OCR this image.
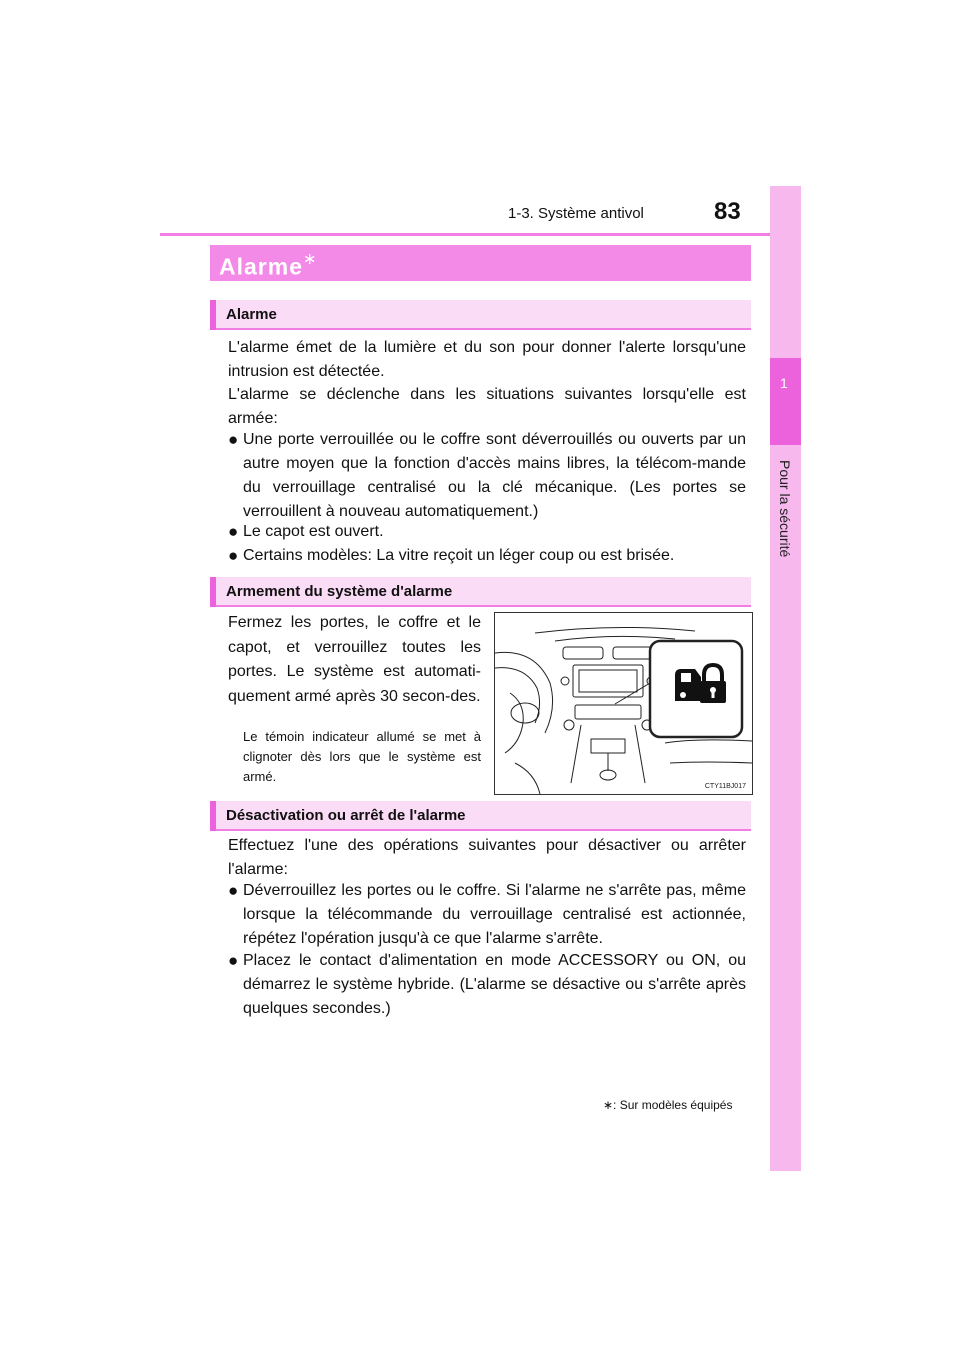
1-3. Système antivol	83
1
Pour la sécurité
Alarme∗
Alarme
L'alarme émet de la lumière et du son pour donner l'alerte lorsqu'une intrusion est détectée.
L'alarme se déclenche dans les situations suivantes lorsqu'elle est armée:
● Une porte verrouillée ou le coffre sont déverrouillés ou ouverts par un autre moyen que la fonction d'accès mains libres, la télécom-mande du verrouillage centralisé ou la clé mécanique. (Les portes se verrouillent à nouveau automatiquement.)
● Le capot est ouvert.
● Certains modèles: La vitre reçoit un léger coup ou est brisée.
Armement du système d'alarme
Fermez les portes, le coffre et le capot, et verrouillez toutes les portes. Le système est automati-quement armé après 30 secon-des.
Le témoin indicateur allumé se met à clignoter dès lors que le système est armé.
CTY11BJ017
Désactivation ou arrêt de l'alarme
Effectuez l'une des opérations suivantes pour désactiver ou arrêter l'alarme:
● Déverrouillez les portes ou le coffre. Si l'alarme ne s'arrête pas, même lorsque la télécommande du verrouillage centralisé est actionnée, répétez l'opération jusqu'à ce que l'alarme s'arrête.
● Placez le contact d'alimentation en mode ACCESSORY ou ON, ou démarrez le système hybride. (L'alarme se désactive ou s'arrête après quelques secondes.)
∗: Sur modèles équipés
